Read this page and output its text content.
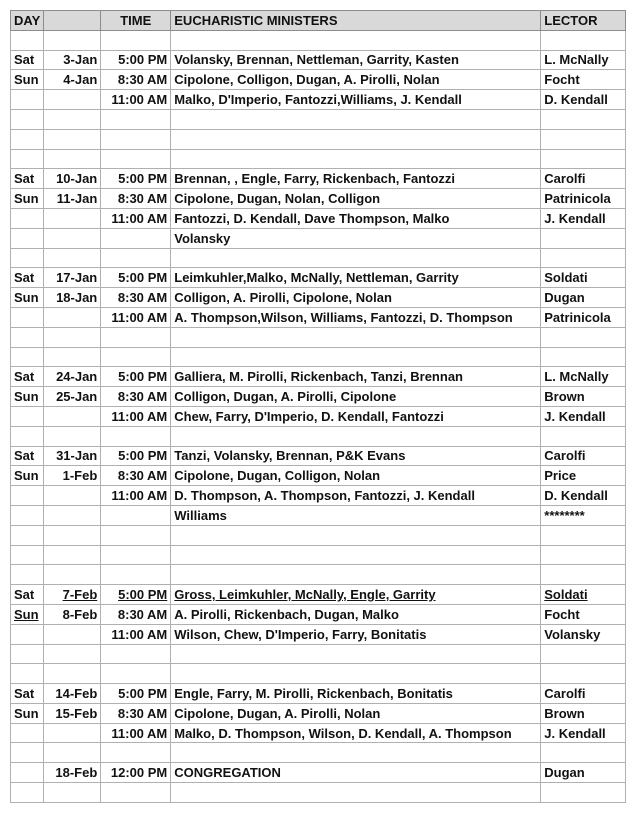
DAY		TIME	EUCHARISTIC MINISTERS	LECTOR

Sat	3-Jan	5:00 PM	Volansky, Brennan, Nettleman, Garrity, Kasten	L. McNally
Sun	4-Jan	8:30 AM	Cipolone, Colligon, Dugan, A. Pirolli, Nolan	Focht
		11:00 AM	Malko, D'Imperio, Fantozzi,Williams, J. Kendall	D. Kendall

Sat	10-Jan	5:00 PM	Brennan, , Engle, Farry, Rickenbach, Fantozzi	Carolfi
Sun	11-Jan	8:30 AM	Cipolone, Dugan, Nolan, Colligon	Patrinicola
		11:00 AM	Fantozzi, D. Kendall, Dave Thompson, Malko	J. Kendall
			Volansky	

Sat	17-Jan	5:00 PM	Leimkuhler,Malko, McNally, Nettleman, Garrity	Soldati
Sun	18-Jan	8:30 AM	Colligon, A. Pirolli, Cipolone, Nolan	Dugan
		11:00 AM	A. Thompson,Wilson, Williams, Fantozzi, D. Thompson	Patrinicola

Sat	24-Jan	5:00 PM	Galliera, M. Pirolli, Rickenbach, Tanzi, Brennan	L. McNally
Sun	25-Jan	8:30 AM	Colligon, Dugan, A. Pirolli, Cipolone	Brown
		11:00 AM	Chew, Farry, D'Imperio, D. Kendall, Fantozzi	J. Kendall

Sat	31-Jan	5:00 PM	Tanzi, Volansky, Brennan, P&K Evans	Carolfi
Sun	1-Feb	8:30 AM	Cipolone, Dugan, Colligon, Nolan	Price
		11:00 AM	D. Thompson, A. Thompson, Fantozzi, J. Kendall	D. Kendall
			Williams	********

Sat	7-Feb	5:00 PM	Gross, Leimkuhler, McNally, Engle, Garrity	Soldati
Sun	8-Feb	8:30 AM	A. Pirolli, Rickenbach, Dugan, Malko	Focht
		11:00 AM	Wilson, Chew, D'Imperio, Farry, Bonitatis	Volansky

Sat	14-Feb	5:00 PM	Engle, Farry, M. Pirolli, Rickenbach, Bonitatis	Carolfi
Sun	15-Feb	8:30 AM	Cipolone, Dugan, A. Pirolli, Nolan	Brown
		11:00 AM	Malko, D. Thompson, Wilson, D. Kendall, A. Thompson	J. Kendall

	18-Feb	12:00 PM	CONGREGATION	Dugan
